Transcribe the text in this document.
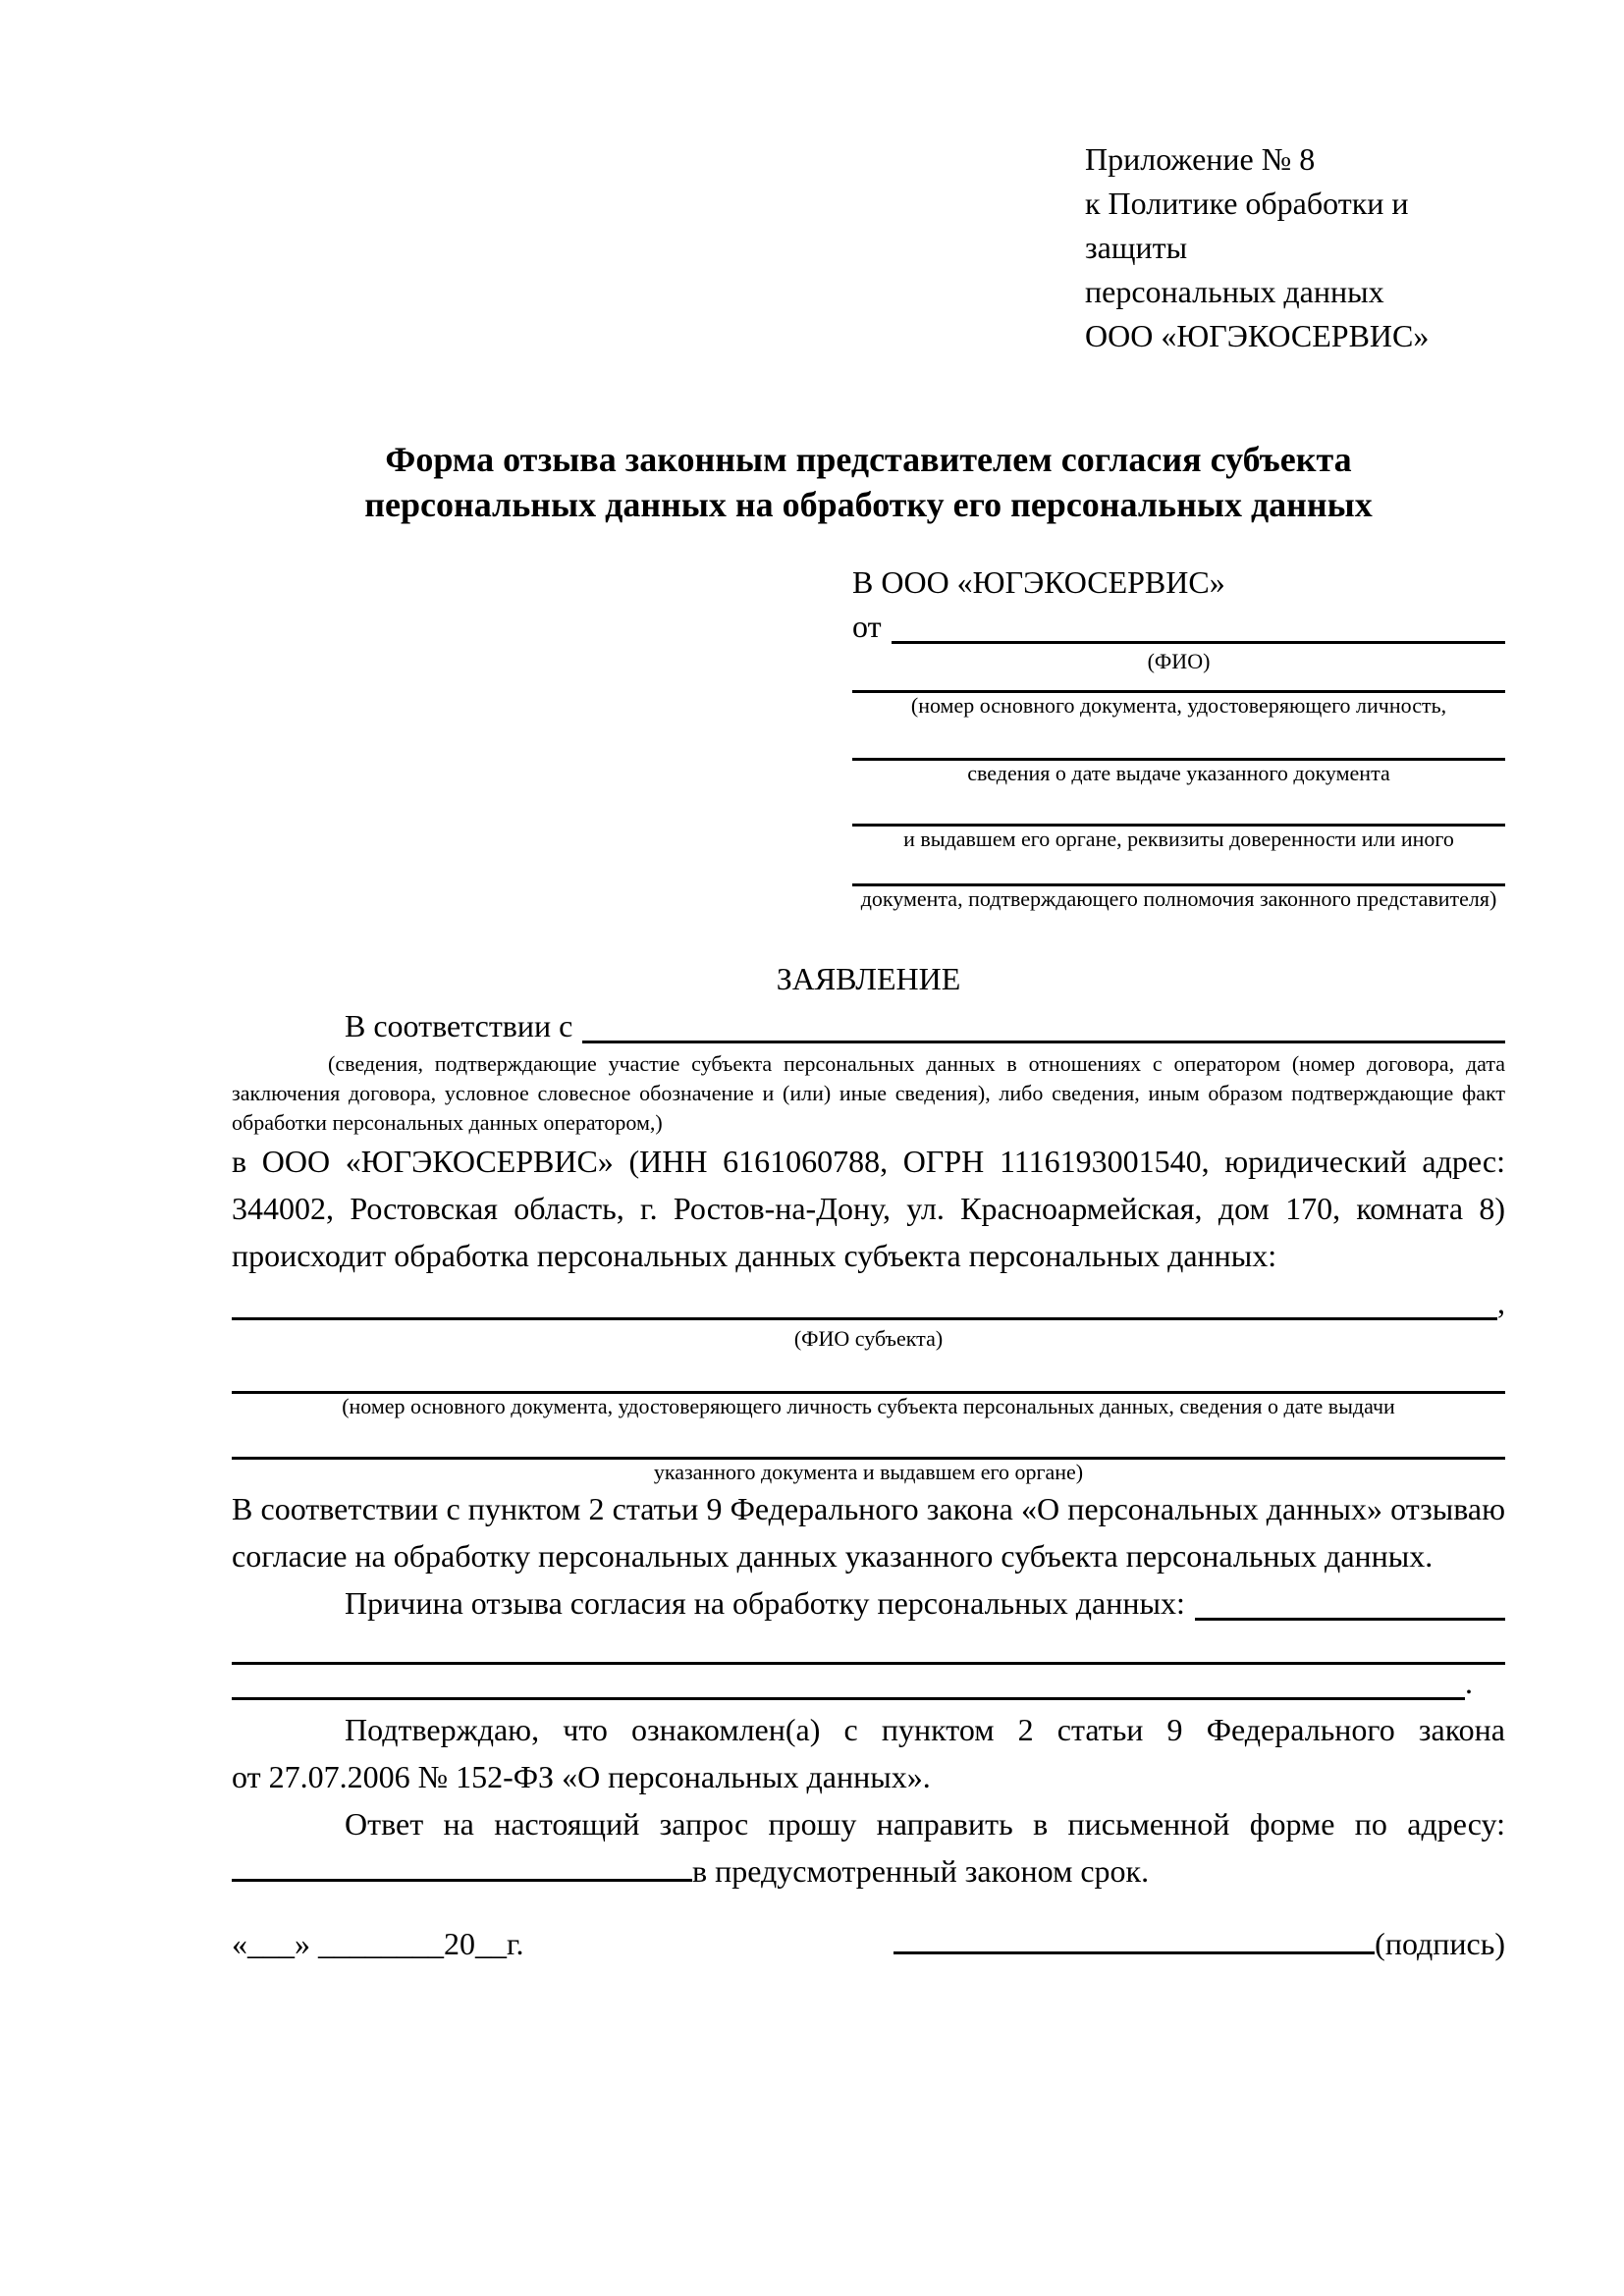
Приложение № 8
к Политике обработки и защиты
персональных данных
ООО «ЮГЭКОСЕРВИС»
Форма отзыва законным представителем согласия субъекта персональных данных на обработку его персональных данных
В ООО «ЮГЭКОСЕРВИС»
от
(ФИО)
(номер основного документа, удостоверяющего личность,
сведения о дате выдаче указанного документа
и выдавшем его органе, реквизиты доверенности или иного
документа, подтверждающего полномочия законного представителя)
ЗАЯВЛЕНИЕ
В соответствии с
(сведения, подтверждающие участие субъекта персональных данных в отношениях с оператором (номер договора, дата заключения договора, условное словесное обозначение и (или) иные сведения), либо сведения, иным образом подтверждающие факт обработки персональных данных оператором,)
в ООО «ЮГЭКОСЕРВИС» (ИНН 6161060788, ОГРН 1116193001540, юридический адрес: 344002, Ростовская область, г. Ростов-на-Дону, ул. Красноармейская, дом 170, комната 8) происходит обработка персональных данных субъекта персональных данных:
,
(ФИО субъекта)
(номер основного документа, удостоверяющего личность субъекта персональных данных, сведения о дате выдачи
указанного документа и выдавшем его органе)
В соответствии с пунктом 2 статьи 9 Федерального закона «О персональных данных» отзываю согласие на обработку персональных данных указанного субъекта персональных данных.
Причина отзыва согласия на обработку персональных данных:
.
Подтверждаю, что ознакомлен(а) с пунктом 2 статьи 9 Федерального закона от 27.07.2006 № 152-ФЗ «О персональных данных».
Ответ на настоящий запрос прошу направить в письменной форме по адресу: в предусмотренный законом срок.
«___» ________20__г.	(подпись)
